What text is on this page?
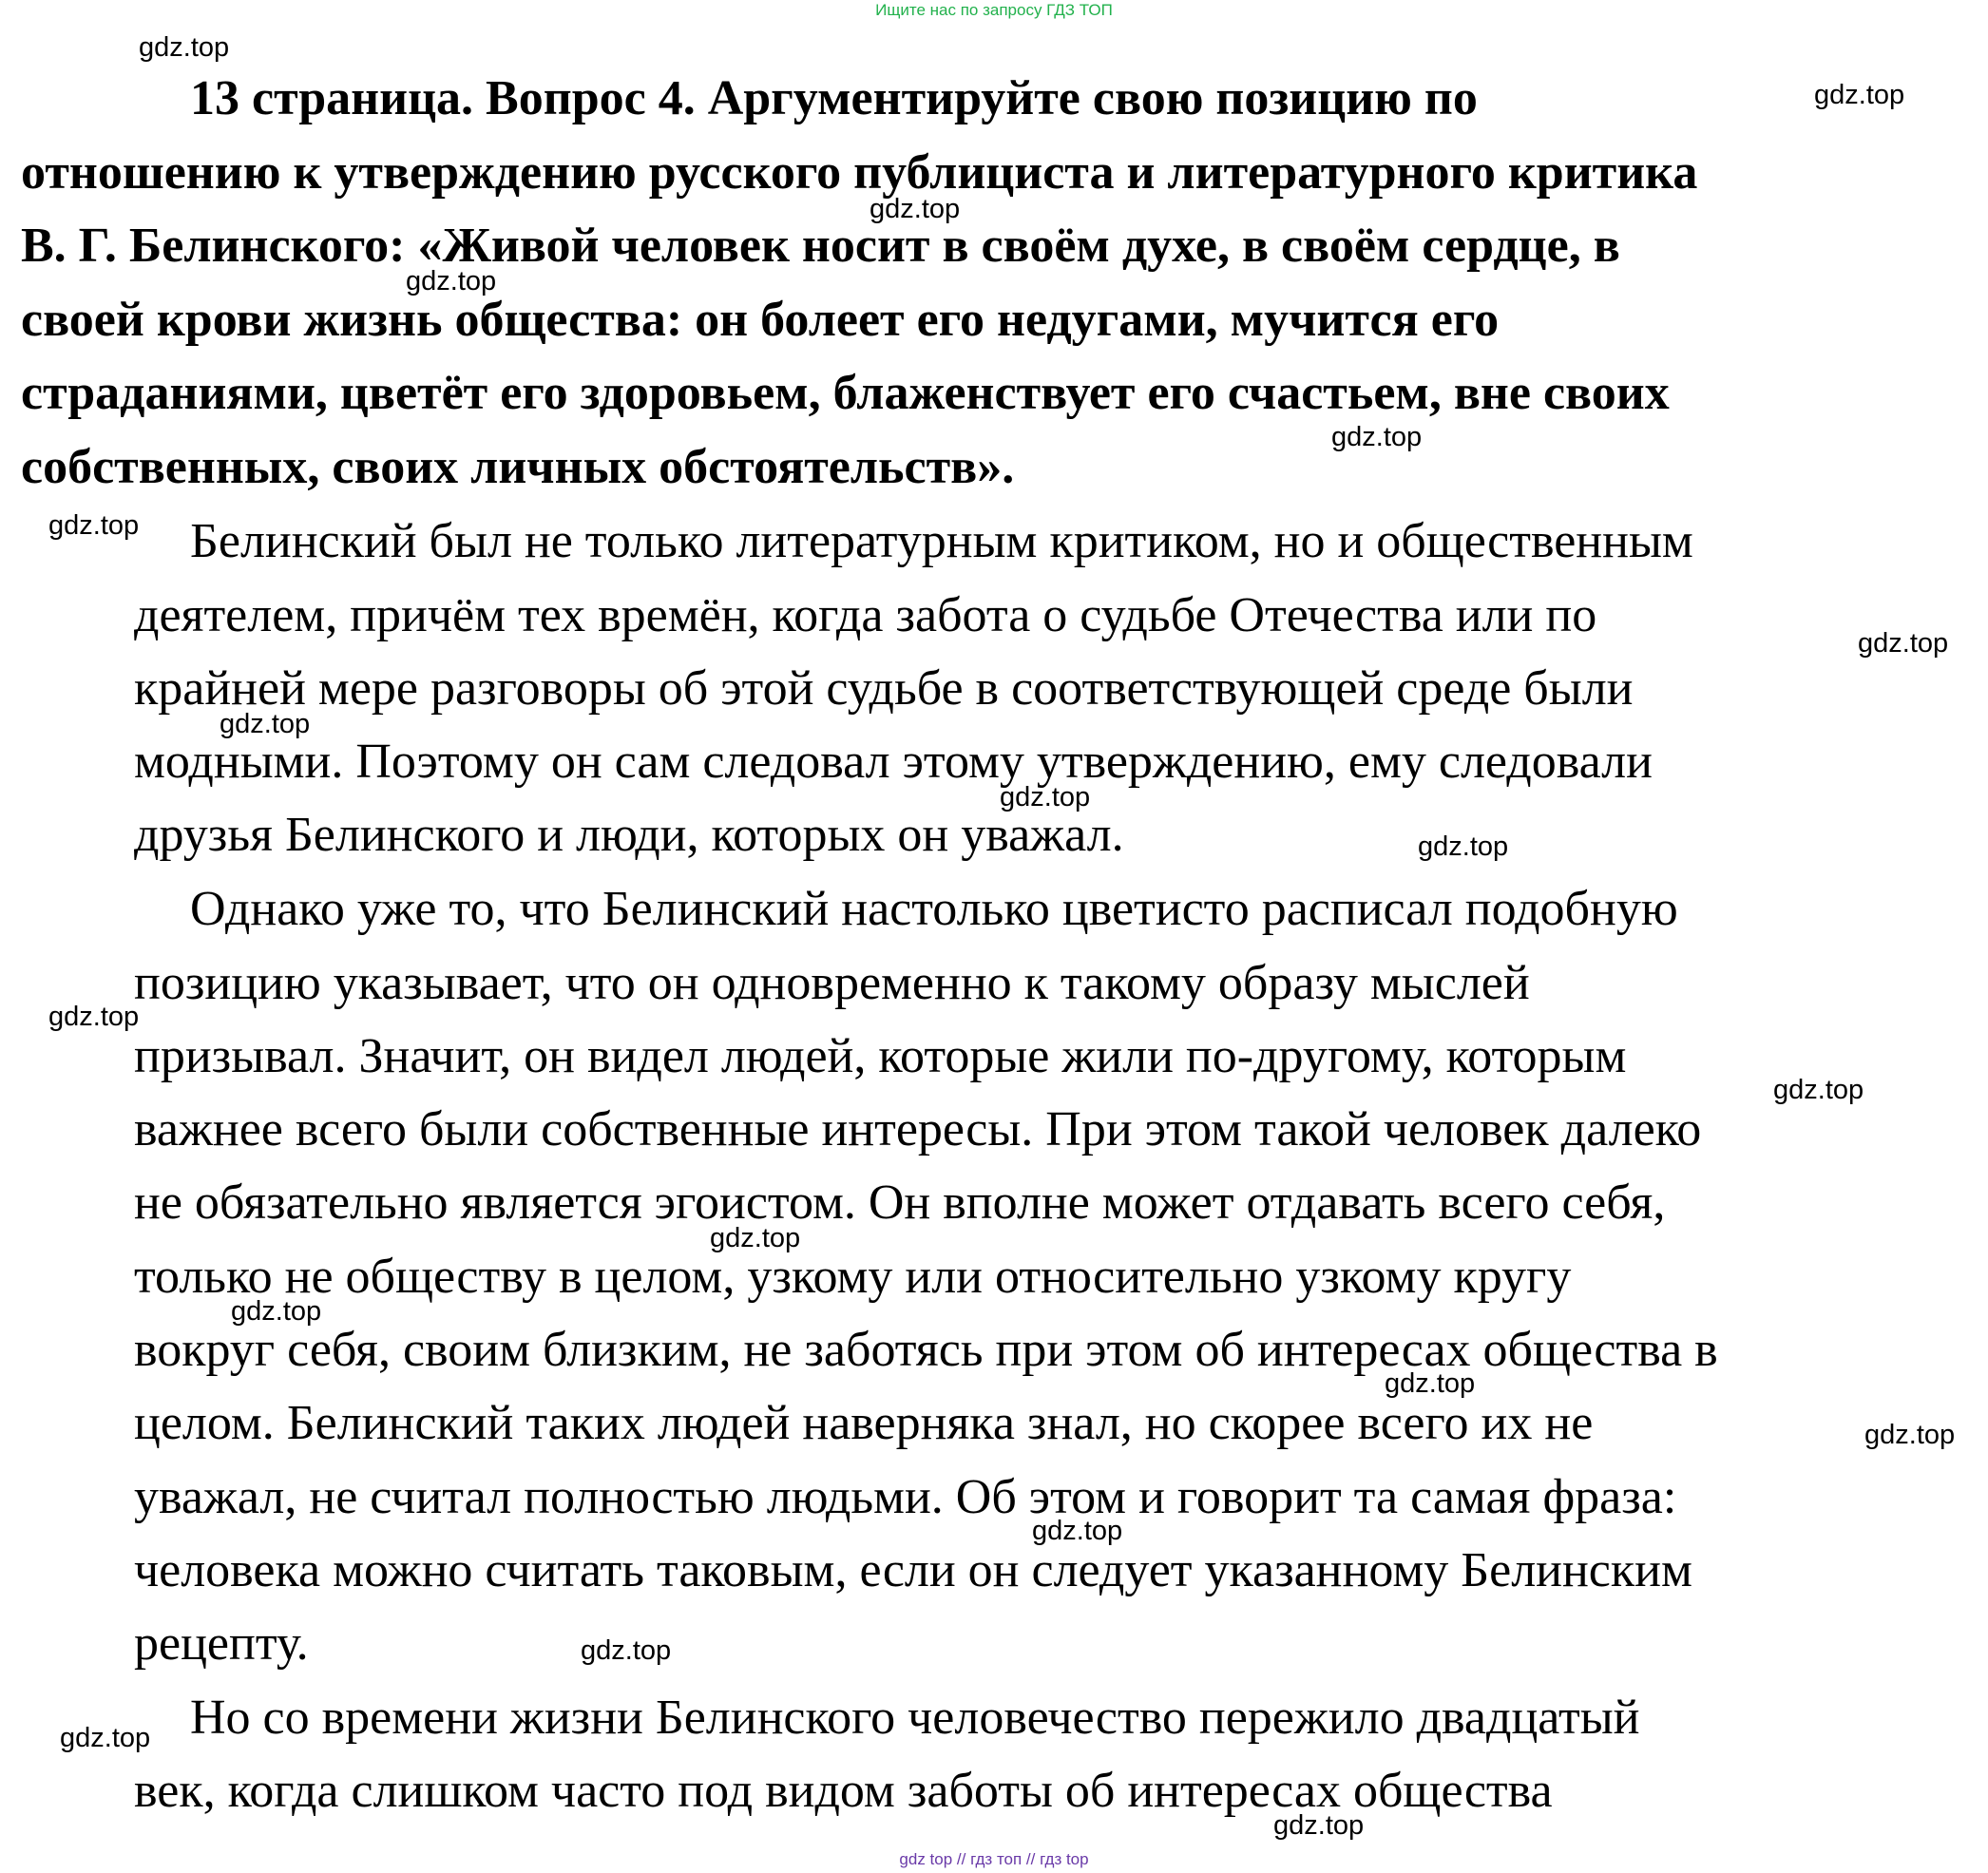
Ищите нас по запросу ГДЗ ТОП
13 страница. Вопрос 4. Аргументируйте свою позицию по
отношению к утверждению русского публициста и литературного критика
В. Г. Белинского: «Живой человек носит в своём духе, в своём сердце, в
своей крови жизнь общества: он болеет его недугами, мучится его
страданиями, цветёт его здоровьем, блаженствует его счастьем, вне своих
собственных, своих личных обстоятельств».
Белинский был не только литературным критиком, но и общественным
деятелем, причём тех времён, когда забота о судьбе Отечества или по
крайней мере разговоры об этой судьбе в соответствующей среде были
модными. Поэтому он сам следовал этому утверждению, ему следовали
друзья Белинского и люди, которых он уважал.
Однако уже то, что Белинский настолько цветисто расписал подобную
позицию указывает, что он одновременно к такому образу мыслей
призывал. Значит, он видел людей, которые жили по-другому, которым
важнее всего были собственные интересы. При этом такой человек далеко
не обязательно является эгоистом. Он вполне может отдавать всего себя,
только не обществу в целом, узкому или относительно узкому кругу
вокруг себя, своим близким, не заботясь при этом об интересах общества в
целом. Белинский таких людей наверняка знал, но скорее всего их не
уважал, не считал полностью людьми. Об этом и говорит та самая фраза:
человека можно считать таковым, если он следует указанному Белинским
рецепту.
Но со времени жизни Белинского человечество пережило двадцатый
век, когда слишком часто под видом заботы об интересах общества
gdz.top
gdz.top
gdz.top
gdz.top
gdz.top
gdz.top
gdz.top
gdz.top
gdz.top
gdz.top
gdz.top
gdz.top
gdz.top
gdz.top
gdz.top
gdz.top
gdz.top
gdz.top
gdz.top
gdz.top
gdz top // гдз топ // гдз top
